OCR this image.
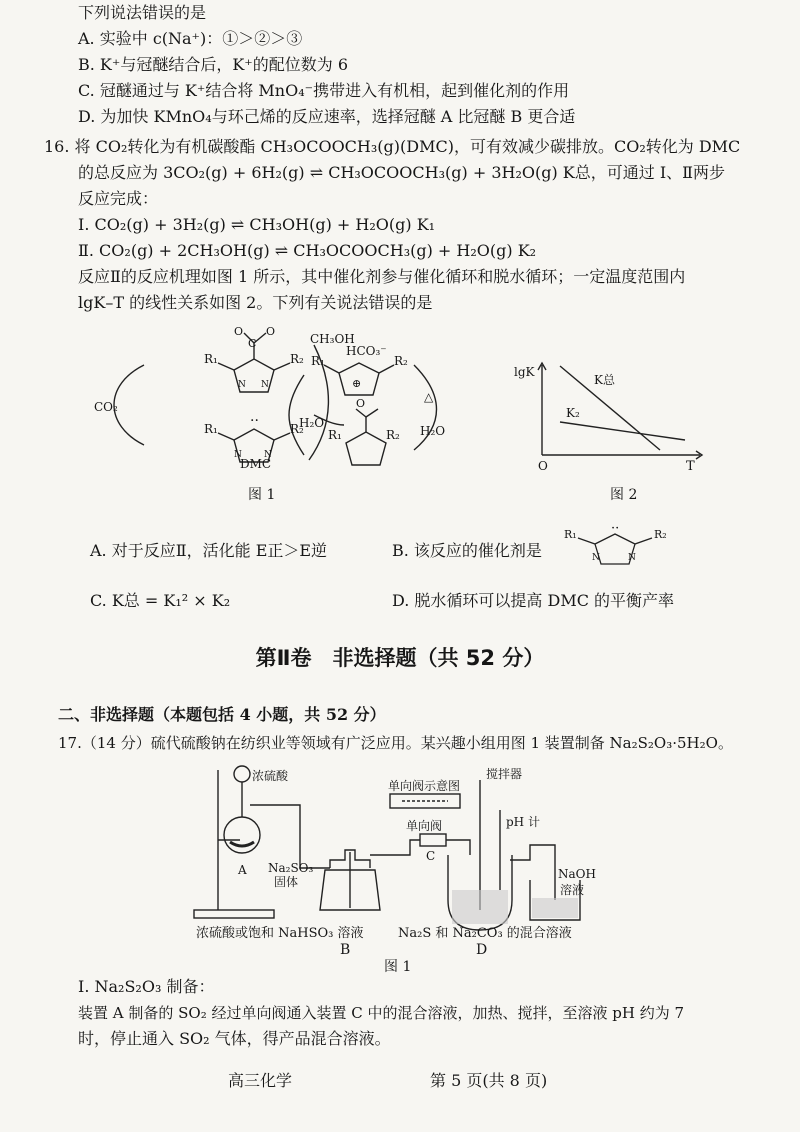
下列说法错误的是
A. 实验中 c(Na⁺)：①＞②＞③
B. K⁺与冠醚结合后，K⁺的配位数为 6
C. 冠醚通过与 K⁺结合将 MnO₄⁻携带进入有机相，起到催化剂的作用
D. 为加快 KMnO₄与环己烯的反应速率，选择冠醚 A 比冠醚 B 更合适
16. 将 CO₂转化为有机碳酸酯 CH₃OCOOCH₃(g)(DMC)，可有效减少碳排放。CO₂转化为 DMC
的总反应为 3CO₂(g) + 6H₂(g) ⇌ CH₃OCOOCH₃(g) + 3H₂O(g) K总，可通过 Ⅰ、Ⅱ两步
反应完成：
Ⅰ. CO₂(g) + 3H₂(g) ⇌ CH₃OH(g) + H₂O(g) K₁
Ⅱ. CO₂(g) + 2CH₃OH(g) ⇌ CH₃OCOOCH₃(g) + H₂O(g) K₂
反应Ⅱ的反应机理如图 1 所示，其中催化剂参与催化循环和脱水循环；一定温度范围内
lgK–T 的线性关系如图 2。下列有关说法错误的是
N N
C
O O
R₁	R₂
R₁	R₂
N N
··
R₁	R₂
⊕
HCO₃⁻
R₁	R₂
O
CH₃OH
CO₂
H₂O
DMC
△
H₂O
图 1
lgK
T
O
K总
K₂
图 2
A. 对于反应Ⅱ，活化能 E正＞E逆	B. 该反应的催化剂是
R₁	R₂
··
N	N
C. K总 = K₁² × K₂	D. 脱水循环可以提高 DMC 的平衡产率
第Ⅱ卷　非选择题（共 52 分）
二、非选择题（本题包括 4 小题，共 52 分）
17.（14 分）硫代硫酸钠在纺织业等领域有广泛应用。某兴趣小组用图 1 装置制备 Na₂S₂O₃·5H₂O。
浓硫酸
A Na₂SO₃
固体
单向阀示意图
单向阀
C
搅拌器
pH 计
NaOH
溶液
浓硫酸或饱和 NaHSO₃ 溶液	Na₂S 和 Na₂CO₃ 的混合溶液
B	D
图 1
Ⅰ. Na₂S₂O₃ 制备：
装置 A 制备的 SO₂ 经过单向阀通入装置 C 中的混合溶液，加热、搅拌，至溶液 pH 约为 7
时，停止通入 SO₂ 气体，得产品混合溶液。
高三化学	第 5 页(共 8 页)
